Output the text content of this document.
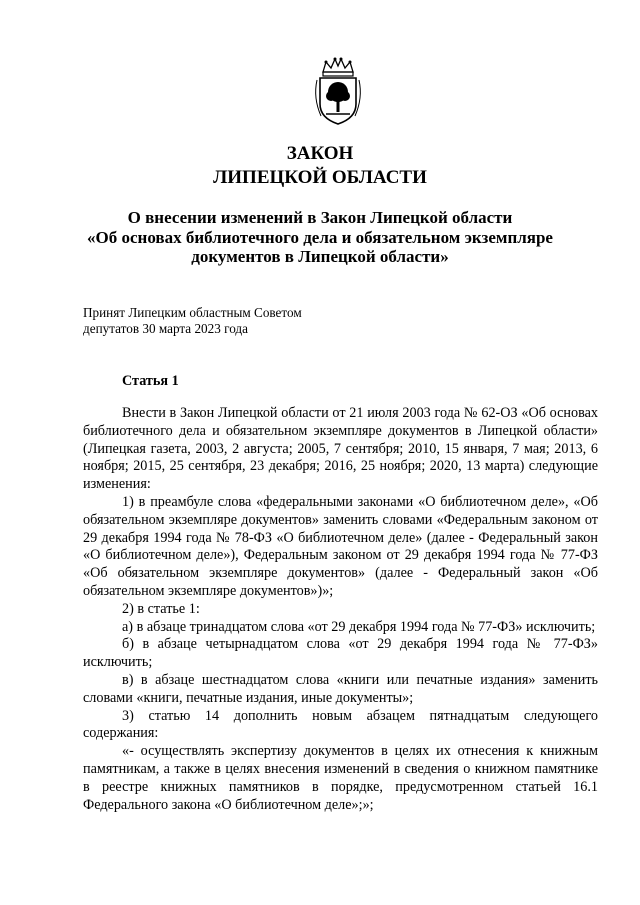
ЗАКОН
ЛИПЕЦКОЙ ОБЛАСТИ
О внесении изменений в Закон Липецкой области
«Об основах библиотечного дела и обязательном экземпляре
документов в Липецкой области»
Принят Липецким областным Советом
депутатов 30 марта 2023 года
Статья 1

Внести в Закон Липецкой области от 21 июля 2003 года № 62-ОЗ «Об основах библиотечного дела и обязательном экземпляре документов в Липецкой области» (Липецкая газета, 2003, 2 августа; 2005, 7 сентября; 2010, 15 января, 7 мая; 2013, 6 ноября; 2015, 25 сентября, 23 декабря; 2016, 25 ноября; 2020, 13 марта) следующие изменения:

1) в преамбуле слова «федеральными законами «О библиотечном деле», «Об обязательном экземпляре документов» заменить словами «Федеральным законом от 29 декабря 1994 года № 78-ФЗ «О библиотечном деле» (далее - Федеральный закон «О библиотечном деле»), Федеральным законом от 29 декабря 1994 года № 77-ФЗ «Об обязательном экземпляре документов» (далее - Федеральный закон «Об обязательном экземпляре документов»)»;

2) в статье 1:

а) в абзаце тринадцатом слова «от 29 декабря 1994 года № 77-ФЗ» исключить;

б) в абзаце четырнадцатом слова «от 29 декабря 1994 года № 77-ФЗ» исключить;

в) в абзаце шестнадцатом слова «книги или печатные издания» заменить словами «книги, печатные издания, иные документы»;

3) статью 14 дополнить новым абзацем пятнадцатым следующего содержания:

«- осуществлять экспертизу документов в целях их отнесения к книжным памятникам, а также в целях внесения изменений в сведения о книжном памятнике в реестре книжных памятников в порядке, предусмотренном статьей 16.1 Федерального закона «О библиотечном деле»;»;
